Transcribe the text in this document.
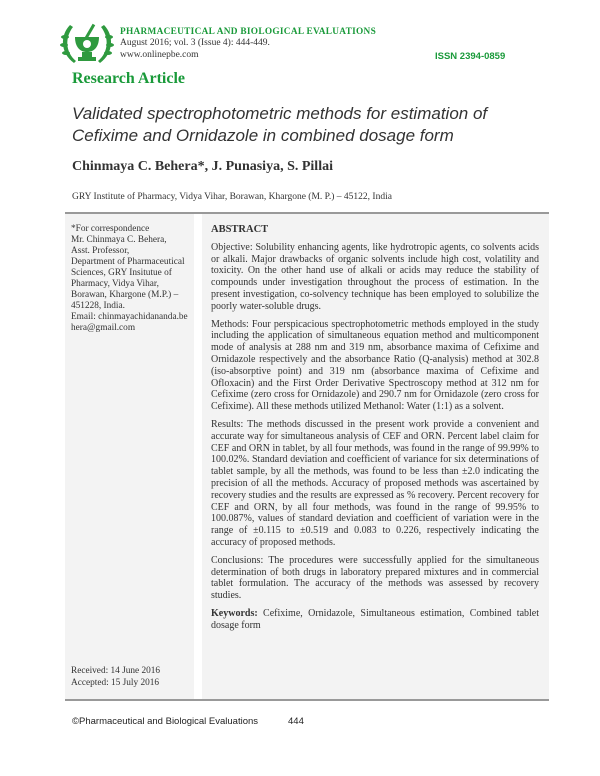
PHARMACEUTICAL AND BIOLOGICAL EVALUATIONS
August 2016; vol. 3 (Issue 4): 444-449.
www.onlinepbe.com	ISSN 2394-0859
Research Article
Validated spectrophotometric methods for estimation of Cefixime and Ornidazole in combined dosage form
Chinmaya C. Behera*, J. Punasiya, S. Pillai
GRY Institute of Pharmacy, Vidya Vihar, Borawan, Khargone (M. P.) – 45122, India
*For correspondence
Mr. Chinmaya C. Behera,
Asst. Professor,
Department of Pharmaceutical Sciences, GRY Insitutue of Pharmacy, Vidya Vihar, Borawan, Khargone (M.P.) – 451228, India.
Email: chinmayachidananda.be hera@gmail.com
Received: 14 June 2016
Accepted: 15 July 2016
ABSTRACT

Objective: Solubility enhancing agents, like hydrotropic agents, co solvents acids or alkali. Major drawbacks of organic solvents include high cost, volatility and toxicity. On the other hand use of alkali or acids may reduce the stability of compounds under investigation throughout the process of estimation. In the present investigation, co-solvency technique has been employed to solubilize the poorly water-soluble drugs.

Methods: Four perspicacious spectrophotometric methods employed in the study including the application of simultaneous equation method and multicomponent mode of analysis at 288 nm and 319 nm, absorbance maxima of Cefixime and Ornidazole respectively and the absorbance Ratio (Q-analysis) method at 302.8 (iso-absorptive point) and 319 nm (absorbance maxima of Cefixime and Ofloxacin) and the First Order Derivative Spectroscopy method at 312 nm for Cefixime (zero cross for Ornidazole) and 290.7 nm for Ornidazole (zero cross for Cefixime). All these methods utilized Methanol: Water (1:1) as a solvent.

Results: The methods discussed in the present work provide a convenient and accurate way for simultaneous analysis of CEF and ORN. Percent label claim for CEF and ORN in tablet, by all four methods, was found in the range of 99.99% to 100.02%. Standard deviation and coefficient of variance for six determinations of tablet sample, by all the methods, was found to be less than ±2.0 indicating the precision of all the methods. Accuracy of proposed methods was ascertained by recovery studies and the results are expressed as % recovery. Percent recovery for CEF and ORN, by all four methods, was found in the range of 99.95% to 100.087%, values of standard deviation and coefficient of variation were in the range of ±0.115 to ±0.519 and 0.083 to 0.226, respectively indicating the accuracy of proposed methods.

Conclusions: The procedures were successfully applied for the simultaneous determination of both drugs in laboratory prepared mixtures and in commercial tablet formulation. The accuracy of the methods was assessed by recovery studies.

Keywords: Cefixime, Ornidazole, Simultaneous estimation, Combined tablet dosage form

©Pharmaceutical and Biological Evaluations	444
